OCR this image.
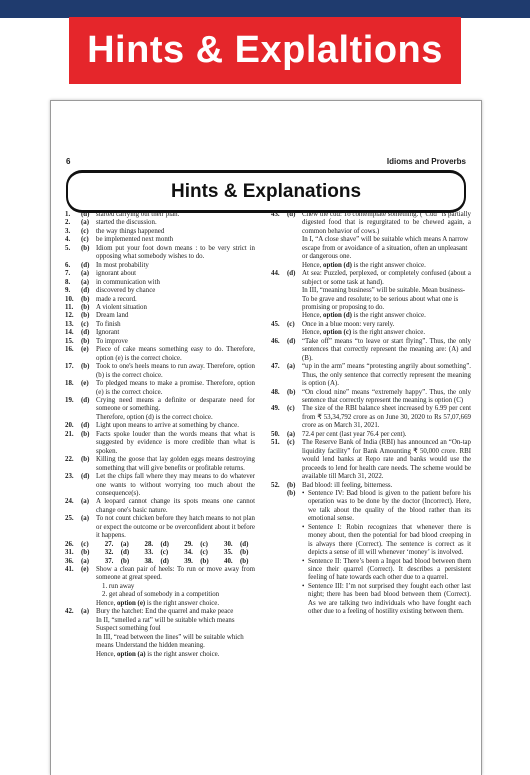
Hints & Explaltions
6	Idioms and Proverbs
Hints & Explanations
1.	(d) started carrying out their plan.
2.	(a)	started the discussion.
3.	(c)	the way things happened
4.	(c)	be implemented next month
5.	(b) Idiom put your foot down means : to be very strict in opposing what somebody wishes to do.
6.	(d) In most probability
7.	(a)	ignorant about
8.	(a)	in communication with
9.	(d) discovered by chance
10.	(b) made a record.
11.	(b) A violent situation
12.	(b) Dream land
13.	(c)	To finish
14.	(d) Ignorant
15.	(b) To improve
16.	(e)	Piece of cake means something easy to do. Therefore, option (e) is the correct choice.
17.	(b) Took to one's heels means to run away. Therefore, option (b) is the correct choice.
18.	(e)	To pledged means to make a promise. Therefore, option (e) is the correct choice.
19.	(d) Crying need means a definite or desparate need for someone or something.
Therefore, option (d) is the correct choice.
20.	(d) Light upon means to arrive at something by chance.
21.	(b) Facts spoke louder than the words means that what is suggested by evidence is more credible than what is spoken.
22.	(b) Killing the goose that lay golden eggs means destroying something that will give benefits or profitable returns.
23.	(d) Let the chips fall where they may means to do whatever one wants to without worrying too much about the consequence(s).
24.	(a)	A leopard cannot change its spots means one cannot change one's basic nature.
25.	(a)	To not count chicken before they hatch means to not plan or expect the outcome or be overconfident about it before it happens.
26.	(c)	27.	(a)	28.	(d)	29.	(c)	30.	(d)
31.	(b)	32.	(d)	33.	(c)	34.	(c)	35.	(b)
36.	(a)	37.	(b)	38.	(d)	39.	(b)	40.	(b)
41.	(e)	Show a clean pair of heels: To run or move away from someone at great speed.
1. run away
2. get ahead of somebody in a competition
Hence, option (e) is the right answer choice.
42.	(a)	Bury the hatchet: End the quarrel and make peace
In II, “smelled a rat” will be suitable which means Suspect something foul
In III, “read between the lines” will be suitable which means Understand the hidden meaning.
Hence, option (a) is the right answer choice.
43.	(d) Chew the cud: To contemplate something. (“Cud” is partially digested food that is regurgitated to be chewed again, a common behavior of cows.)
In I, “A close shave” will be suitable which means A narrow escape from or avoidance of a situation, often an unpleasant or dangerous one.
Hence, option (d) is the right answer choice.
44.	(d) At sea: Puzzled, perplexed, or completely confused (about a subject or some task at hand).
In III, “meaning business” will be suitable. Mean business- To be grave and resolute; to be serious about what one is promising or proposing to do.
Hence, option (d) is the right answer choice.
45.	(c)	Once in a blue moon: very rarely.
Hence, option (c) is the right answer choice.
46.	(d) “Take off” means “to leave or start flying”. Thus, the only sentences that correctly represent the meaning are: (A) and (B).
47.	(a)	“up in the arm” means “protesting angrily about something”. Thus, the only sentence that correctly represent the meaning is option (A).
48.	(b) “On cloud nine” means “extremely happy”. Thus, the only sentence that correctly represent the meaning is option (C)
49.	(c)	The size of the RBI balance sheet increased by 6.99 per cent from ₹ 53,34,792 crore as on June 30, 2020 to Rs 57,07,669 crore as on March 31, 2021.
50.	(a)	72.4 per cent (last year 76.4 per cent).
51.	(c)	The Reserve Bank of India (RBI) has announced an “On-tap liquidity facility” for Bank Amounting ₹ 50,000 crore. RBI would lend banks at Repo rate and banks would use the proceeds to lend for health care needs. The scheme would be available till March 31, 2022.
52.	(b) Bad blood: ill feeling, bitterness.
(b) • Sentence IV: Bad blood is given to the patient before his operation was to be done by the doctor (Incorrect). Here, we talk about the quality of the blood rather than its emotional sense.
• Sentence I: Robin recognizes that whenever there is money about, then the potential for bad blood creeping in is always there (Correct). The sentence is correct as it depicts a sense of ill will whenever ‘money’ is involved.
• Sentence II: There’s been a Ingot bad blood between them since their quarrel (Correct). It describes a persistent feeling of hate towards each other due to a quarrel.
• Sentence III: I’m not surprised they fought each other last night; there has been bad blood between them (Correct). As we are talking two individuals who have fought each other due to a feeling of hostility existing between them.
